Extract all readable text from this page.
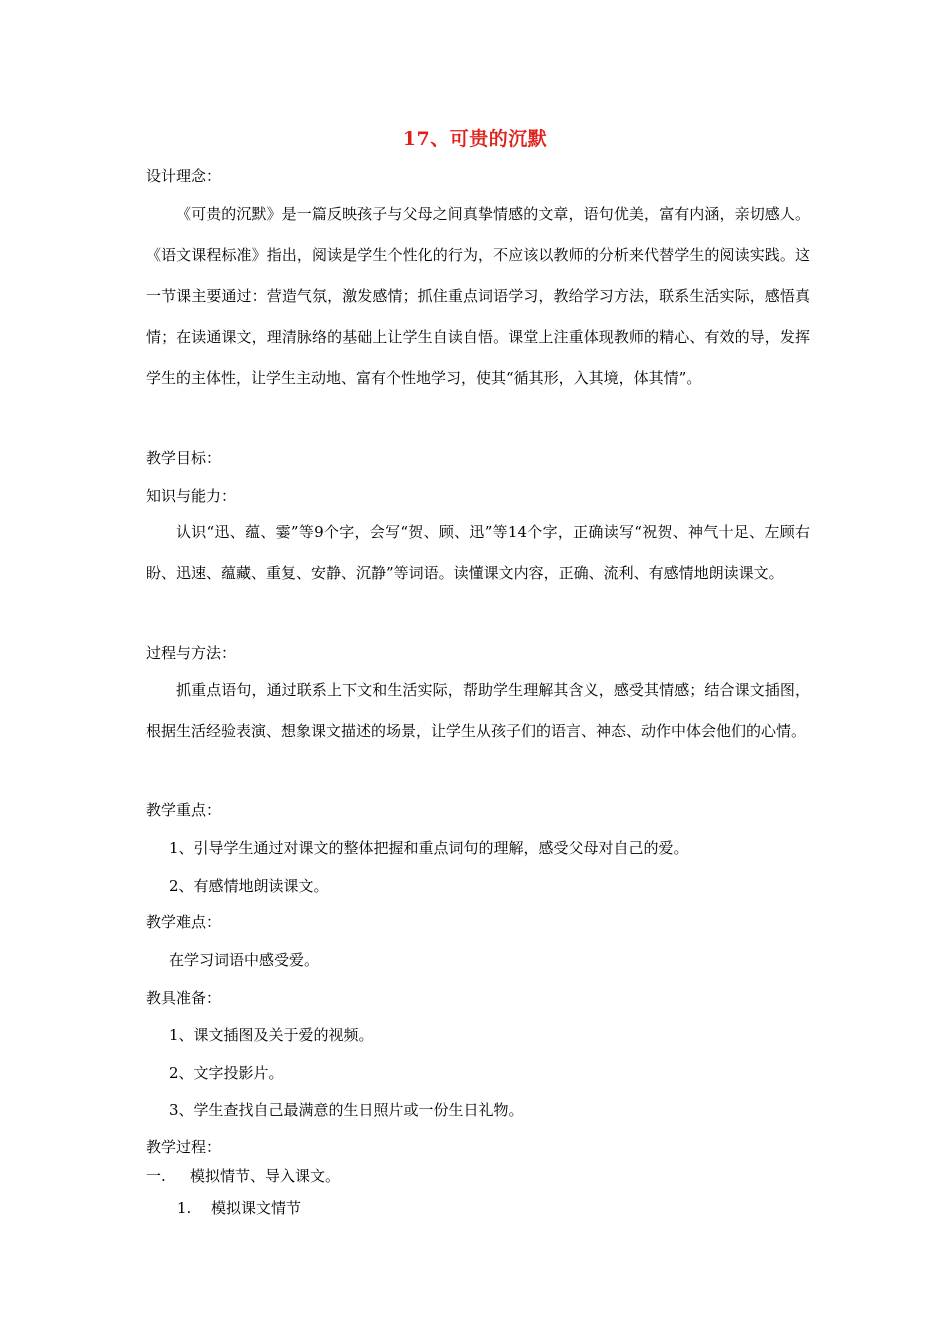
17、可贵的沉默
设计理念：

《可贵的沉默》是一篇反映孩子与父母之间真挚情感的文章，语句优美，富有内涵，亲切感人。《语文课程标准》指出，阅读是学生个性化的行为，不应该以教师的分析来代替学生的阅读实践。这一节课主要通过：营造气氛，激发感情；抓住重点词语学习，教给学习方法，联系生活实际，感悟真情；在读通课文，理清脉络的基础上让学生自读自悟。课堂上注重体现教师的精心、有效的导，发挥学生的主体性，让学生主动地、富有个性地学习，使其“循其形，入其境，体其情”。

教学目标：
知识与能力：

认识“迅、蕴、霎”等9个字，会写“贺、顾、迅”等14个字，正确读写“祝贺、神气十足、左顾右盼、迅速、蕴藏、重复、安静、沉静”等词语。读懂课文内容，正确、流利、有感情地朗读课文。

过程与方法：

抓重点语句，通过联系上下文和生活实际，帮助学生理解其含义，感受其情感；结合课文插图，根据生活经验表演、想象课文描述的场景，让学生从孩子们的语言、神态、动作中体会他们的心情。

教学重点：
1、引导学生通过对课文的整体把握和重点词句的理解，感受父母对自己的爱。
2、有感情地朗读课文。
教学难点：
在学习词语中感受爱。
教具准备：
1、课文插图及关于爱的视频。
2、文字投影片。
3、学生查找自己最满意的生日照片或一份生日礼物。
教学过程：
一. 模拟情节、导入课文。
1. 模拟课文情节
